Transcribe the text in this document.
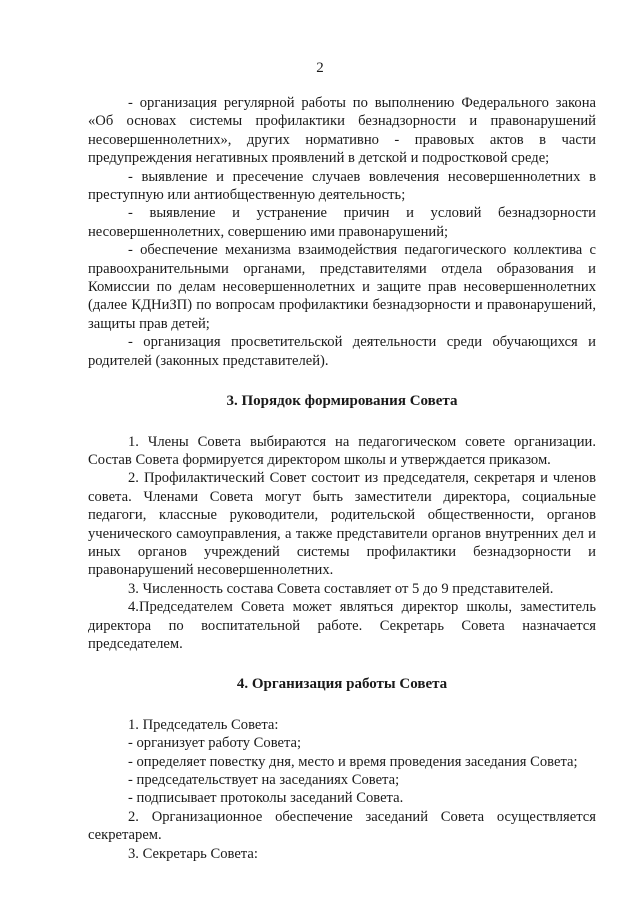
2

- организация регулярной работы по выполнению Федерального закона «Об основах системы профилактики безнадзорности и правонарушений несовершеннолетних», других нормативно - правовых актов в части предупреждения негативных проявлений в детской и подростковой среде;

- выявление и пресечение случаев вовлечения несовершеннолетних в преступную или антиобщественную деятельность;

- выявление и устранение причин и условий безнадзорности несовершеннолетних, совершению ими правонарушений;

- обеспечение механизма взаимодействия педагогического коллектива с правоохранительными органами, представителями отдела образования и Комиссии по делам несовершеннолетних и защите прав несовершеннолетних (далее КДНиЗП) по вопросам профилактики безнадзорности и правонарушений, защиты прав детей;

- организация просветительской деятельности среди обучающихся и родителей (законных представителей).

3. Порядок формирования Совета

1. Члены Совета выбираются на педагогическом совете организации. Состав Совета формируется директором школы и утверждается приказом.

2. Профилактический Совет состоит из председателя, секретаря и членов совета. Членами Совета могут быть заместители директора, социальные педагоги, классные руководители, родительской общественности, органов ученического самоуправления, а также представители органов внутренних дел и иных органов учреждений системы профилактики безнадзорности и правонарушений несовершеннолетних.

3. Численность состава Совета составляет от 5 до 9 представителей.

4.Председателем Совета может являться директор школы, заместитель директора по воспитательной работе. Секретарь Совета назначается председателем.

4. Организация работы Совета

1. Председатель Совета:

- организует работу Совета;

- определяет повестку дня, место и время проведения заседания Совета;

- председательствует на заседаниях Совета;

- подписывает протоколы заседаний Совета.

2. Организационное обеспечение заседаний Совета осуществляется секретарем.

3. Секретарь Совета:
